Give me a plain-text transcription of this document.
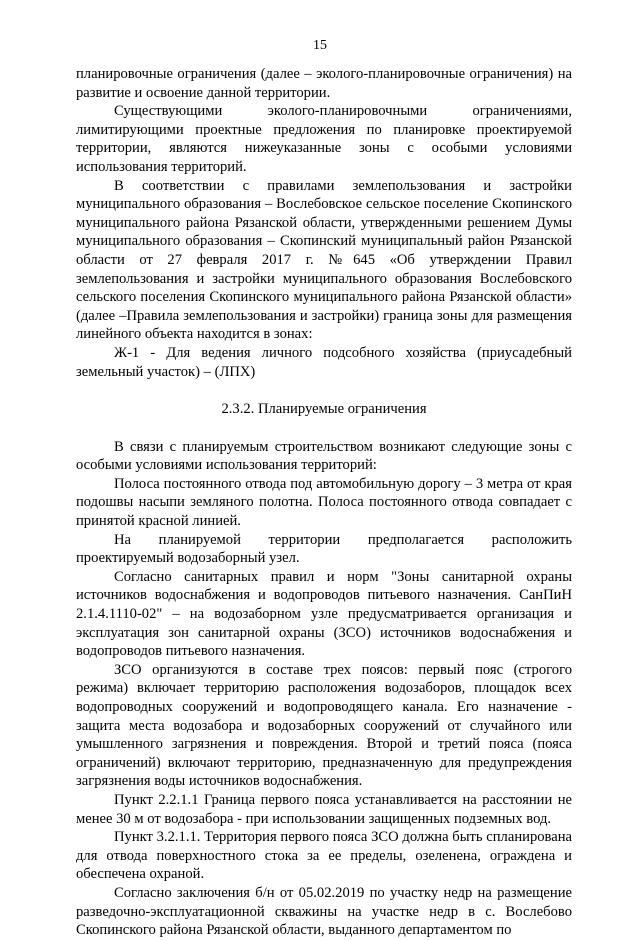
15

планировочные ограничения (далее – эколого-планировочные ограничения) на развитие и освоение данной территории.

Существующими эколого-планировочными ограничениями, лимитирующими проектные предложения по планировке проектируемой территории, являются нижеуказанные зоны с особыми условиями использования территорий.

В соответствии с правилами землепользования и застройки муниципального образования – Вослебовское сельское поселение Скопинского муниципального района Рязанской области, утвержденными решением Думы муниципального образования – Скопинский муниципальный район Рязанской области от 27 февраля 2017 г. №645 «Об утверждении Правил землепользования и застройки муниципального образования Вослебовского сельского поселения Скопинского муниципального района Рязанской области» (далее –Правила землепользования и застройки) граница зоны для размещения линейного объекта находится в зонах:

Ж-1 - Для ведения личного подсобного хозяйства (приусадебный земельный участок) – (ЛПХ)

2.3.2. Планируемые ограничения

В связи с планируемым строительством возникают следующие зоны с особыми условиями использования территорий:

Полоса постоянного отвода под автомобильную дорогу – 3 метра от края подошвы насыпи земляного полотна. Полоса постоянного отвода совпадает с принятой красной линией.

На планируемой территории предполагается расположить проектируемый водозаборный узел.

Согласно санитарных правил и норм "Зоны санитарной охраны источников водоснабжения и водопроводов питьевого назначения. СанПиН 2.1.4.1110-02" – на водозаборном узле предусматривается организация и эксплуатация зон санитарной охраны (ЗСО) источников водоснабжения и водопроводов питьевого назначения.

ЗСО организуются в составе трех поясов: первый пояс (строгого режима) включает территорию расположения водозаборов, площадок всех водопроводных сооружений и водопроводящего канала. Его назначение - защита места водозабора и водозаборных сооружений от случайного или умышленного загрязнения и повреждения. Второй и третий пояса (пояса ограничений) включают территорию, предназначенную для предупреждения загрязнения воды источников водоснабжения.

Пункт 2.2.1.1 Граница первого пояса устанавливается на расстоянии не менее 30 м от водозабора - при использовании защищенных подземных вод.

Пункт 3.2.1.1. Территория первого пояса ЗСО должна быть спланирована для отвода поверхностного стока за ее пределы, озеленена, ограждена и обеспечена охраной.

Согласно заключения б/н от 05.02.2019 по участку недр на размещение разведочно-эксплуатационной скважины на участке недр в с. Вослебово Скопинского района Рязанской области, выданного департаментом по
